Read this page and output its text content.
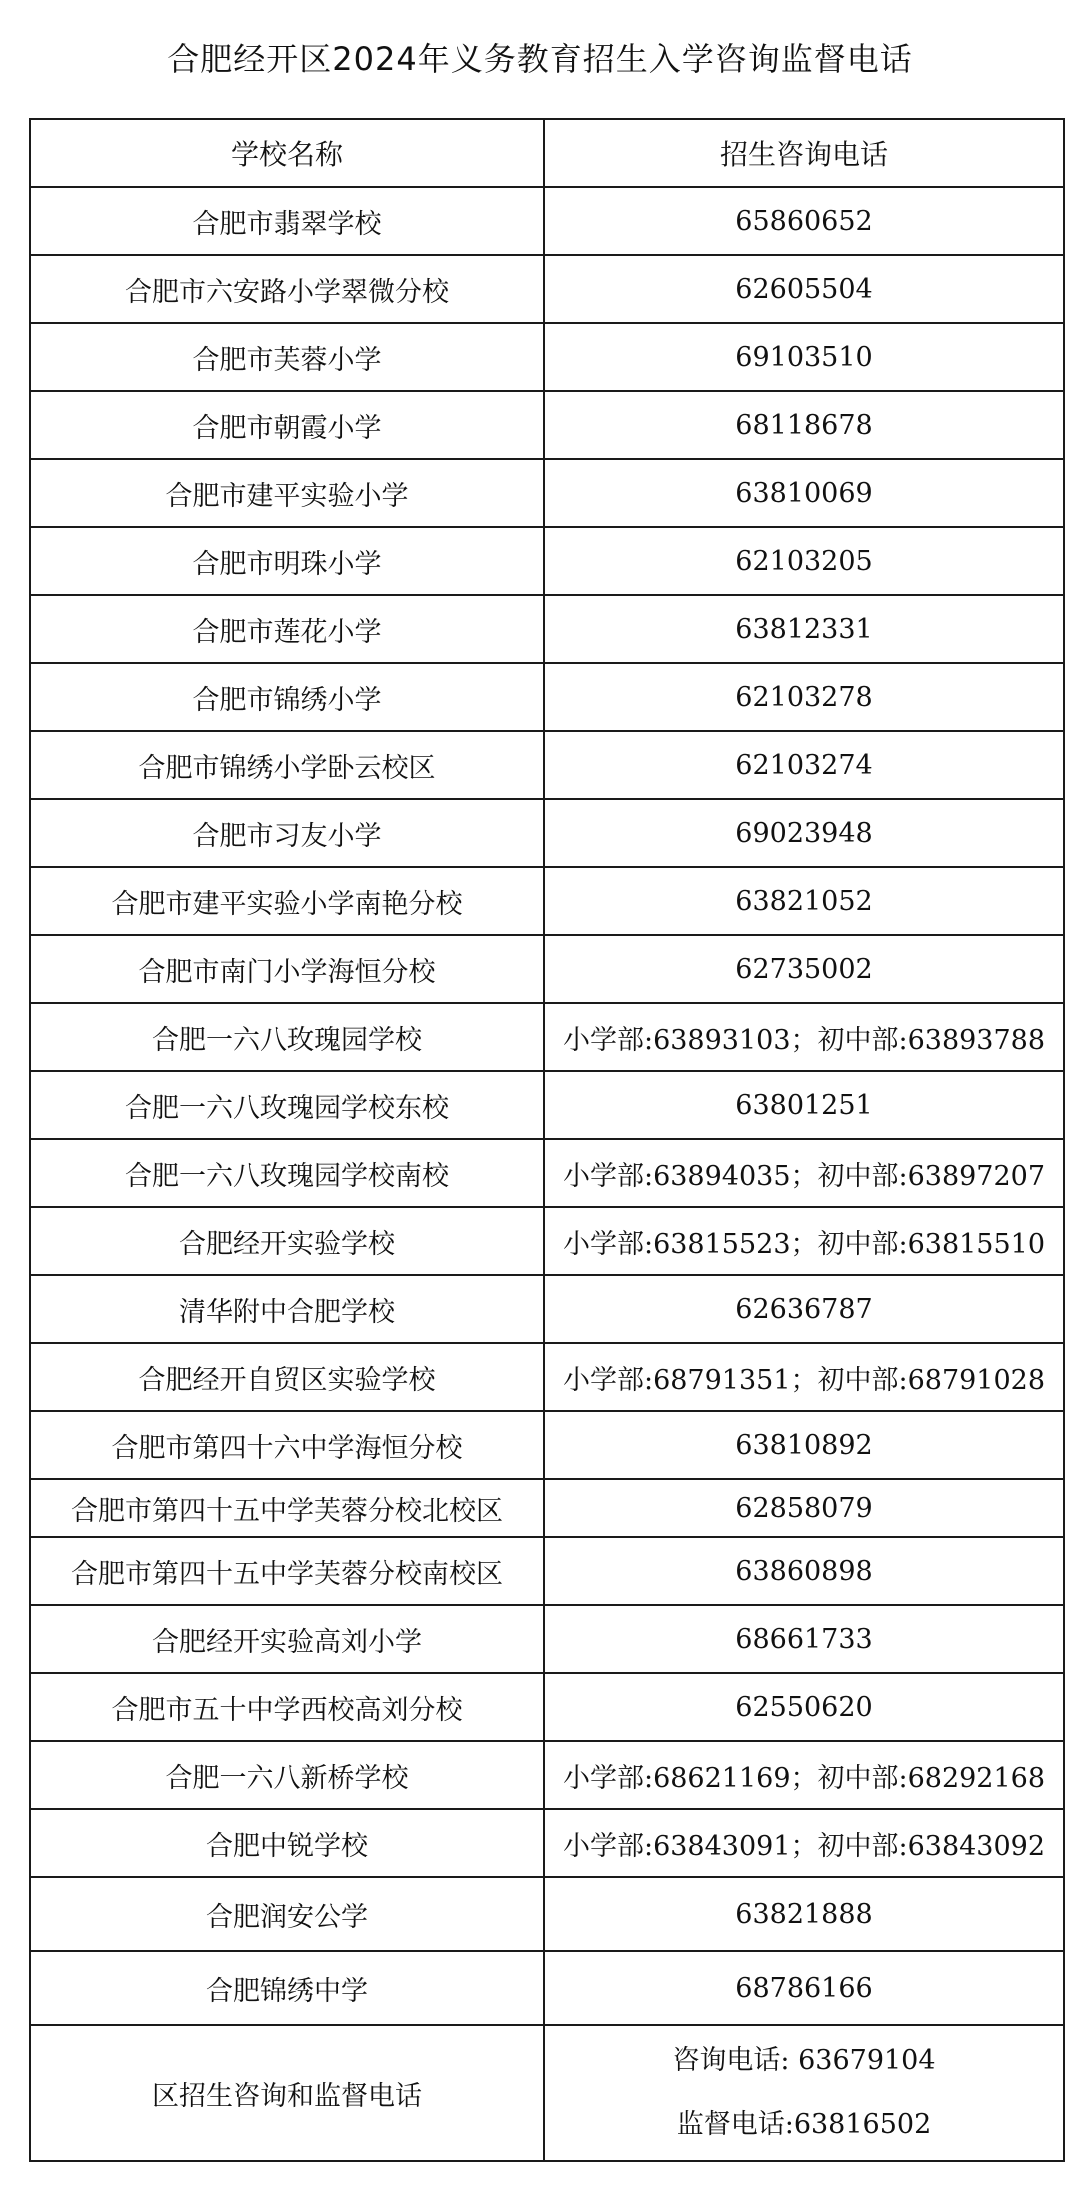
合肥经开区2024年义务教育招生入学咨询监督电话
学校名称	招生咨询电话
合肥市翡翠学校	65860652
合肥市六安路小学翠微分校	62605504
合肥市芙蓉小学	69103510
合肥市朝霞小学	68118678
合肥市建平实验小学	63810069
合肥市明珠小学	62103205
合肥市莲花小学	63812331
合肥市锦绣小学	62103278
合肥市锦绣小学卧云校区	62103274
合肥市习友小学	69023948
合肥市建平实验小学南艳分校	63821052
合肥市南门小学海恒分校	62735002
合肥一六八玫瑰园学校	小学部:63893103；初中部:63893788
合肥一六八玫瑰园学校东校	63801251
合肥一六八玫瑰园学校南校	小学部:63894035；初中部:63897207
合肥经开实验学校	小学部:63815523；初中部:63815510
清华附中合肥学校	62636787
合肥经开自贸区实验学校	小学部:68791351；初中部:68791028
合肥市第四十六中学海恒分校	63810892
合肥市第四十五中学芙蓉分校北校区	62858079
合肥市第四十五中学芙蓉分校南校区	63860898
合肥经开实验高刘小学	68661733
合肥市五十中学西校高刘分校	62550620
合肥一六八新桥学校	小学部:68621169；初中部:68292168
合肥中锐学校	小学部:63843091；初中部:63843092
合肥润安公学	63821888
合肥锦绣中学	68786166
区招生咨询和监督电话	咨询电话: 63679104
监督电话:63816502
